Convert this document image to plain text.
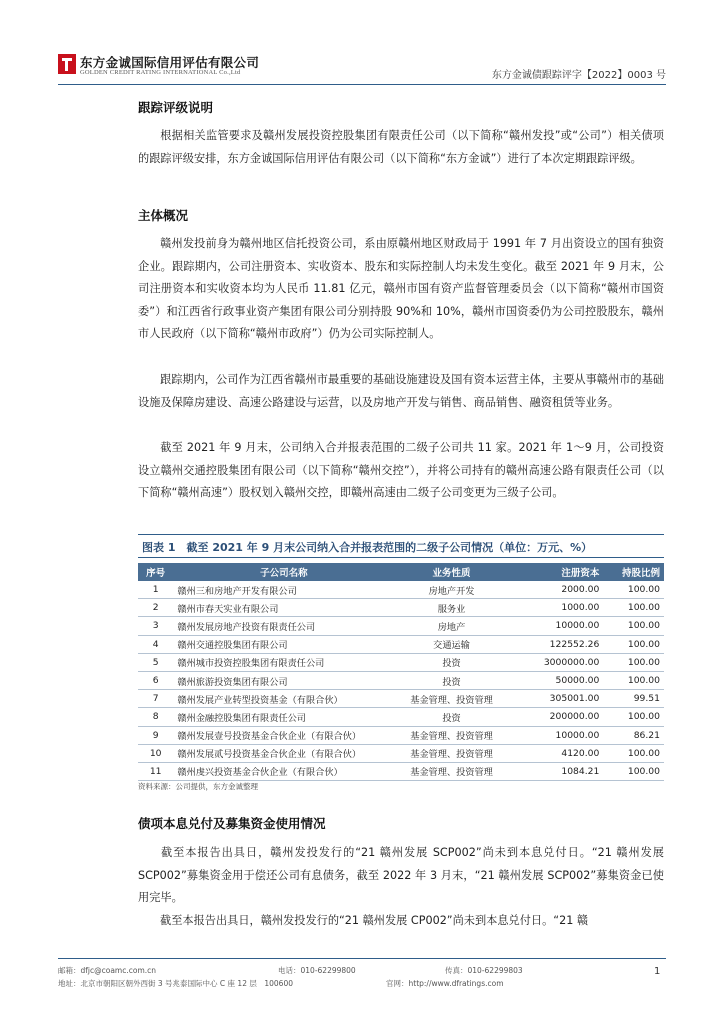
东方金诚国际信用评估有限公司
GOLDEN CREDIT RATING INTERNATIONAL Co.,Ltd	东方金诚债跟踪评字【2022】0003 号
跟踪评级说明
根据相关监管要求及赣州发展投资控股集团有限责任公司（以下简称“赣州发投”或“公司”）相关债项的跟踪评级安排，东方金诚国际信用评估有限公司（以下简称“东方金诚”）进行了本次定期跟踪评级。
主体概况
赣州发投前身为赣州地区信托投资公司，系由原赣州地区财政局于 1991 年 7 月出资设立的国有独资企业。跟踪期内，公司注册资本、实收资本、股东和实际控制人均未发生变化。截至 2021 年 9 月末，公司注册资本和实收资本均为人民币 11.81 亿元，赣州市国有资产监督管理委员会（以下简称“赣州市国资委”）和江西省行政事业资产集团有限公司分别持股 90%和 10%，赣州市国资委仍为公司控股股东，赣州市人民政府（以下简称“赣州市政府”）仍为公司实际控制人。
跟踪期内，公司作为江西省赣州市最重要的基础设施建设及国有资本运营主体，主要从事赣州市的基础设施及保障房建设、高速公路建设与运营，以及房地产开发与销售、商品销售、融资租赁等业务。
截至 2021 年 9 月末，公司纳入合并报表范围的二级子公司共 11 家。2021 年 1～9 月，公司投资设立赣州交通控股集团有限公司（以下简称“赣州交控”），并将公司持有的赣州高速公路有限责任公司（以下简称“赣州高速”）股权划入赣州交控，即赣州高速由二级子公司变更为三级子公司。
图表 1　截至 2021 年 9 月末公司纳入合并报表范围的二级子公司情况（单位：万元、%）
序号	子公司名称	业务性质	注册资本	持股比例
1	赣州三和房地产开发有限公司	房地产开发	2000.00	100.00
2	赣州市春天实业有限公司	服务业	1000.00	100.00
3	赣州发展房地产投资有限责任公司	房地产	10000.00	100.00
4	赣州交通控股集团有限公司	交通运输	122552.26	100.00
5	赣州城市投资控股集团有限责任公司	投资	3000000.00	100.00
6	赣州旅游投资集团有限公司	投资	50000.00	100.00
7	赣州发展产业转型投资基金（有限合伙）	基金管理、投资管理	305001.00	99.51
8	赣州金融控股集团有限责任公司	投资	200000.00	100.00
9	赣州发展壹号投资基金合伙企业（有限合伙）	基金管理、投资管理	10000.00	86.21
10	赣州发展贰号投资基金合伙企业（有限合伙）	基金管理、投资管理	4120.00	100.00
11	赣州虔兴投资基金合伙企业（有限合伙）	基金管理、投资管理	1084.21	100.00
资料来源：公司提供，东方金诚整理
债项本息兑付及募集资金使用情况
截至本报告出具日，赣州发投发行的“21 赣州发展 SCP002”尚未到本息兑付日。“21 赣州发展 SCP002”募集资金用于偿还公司有息债务，截至 2022 年 3 月末，“21 赣州发展 SCP002”募集资金已使用完毕。
截至本报告出具日，赣州发投发行的“21 赣州发展 CP002”尚未到本息兑付日。“21 赣
邮箱：dfjc@coamc.com.cn	电话：010-62299800	传真：010-62299803
地址：北京市朝阳区朝外西街 3 号兆泰国际中心 C 座 12 层　100600	官网：http://www.dfratings.com
1
